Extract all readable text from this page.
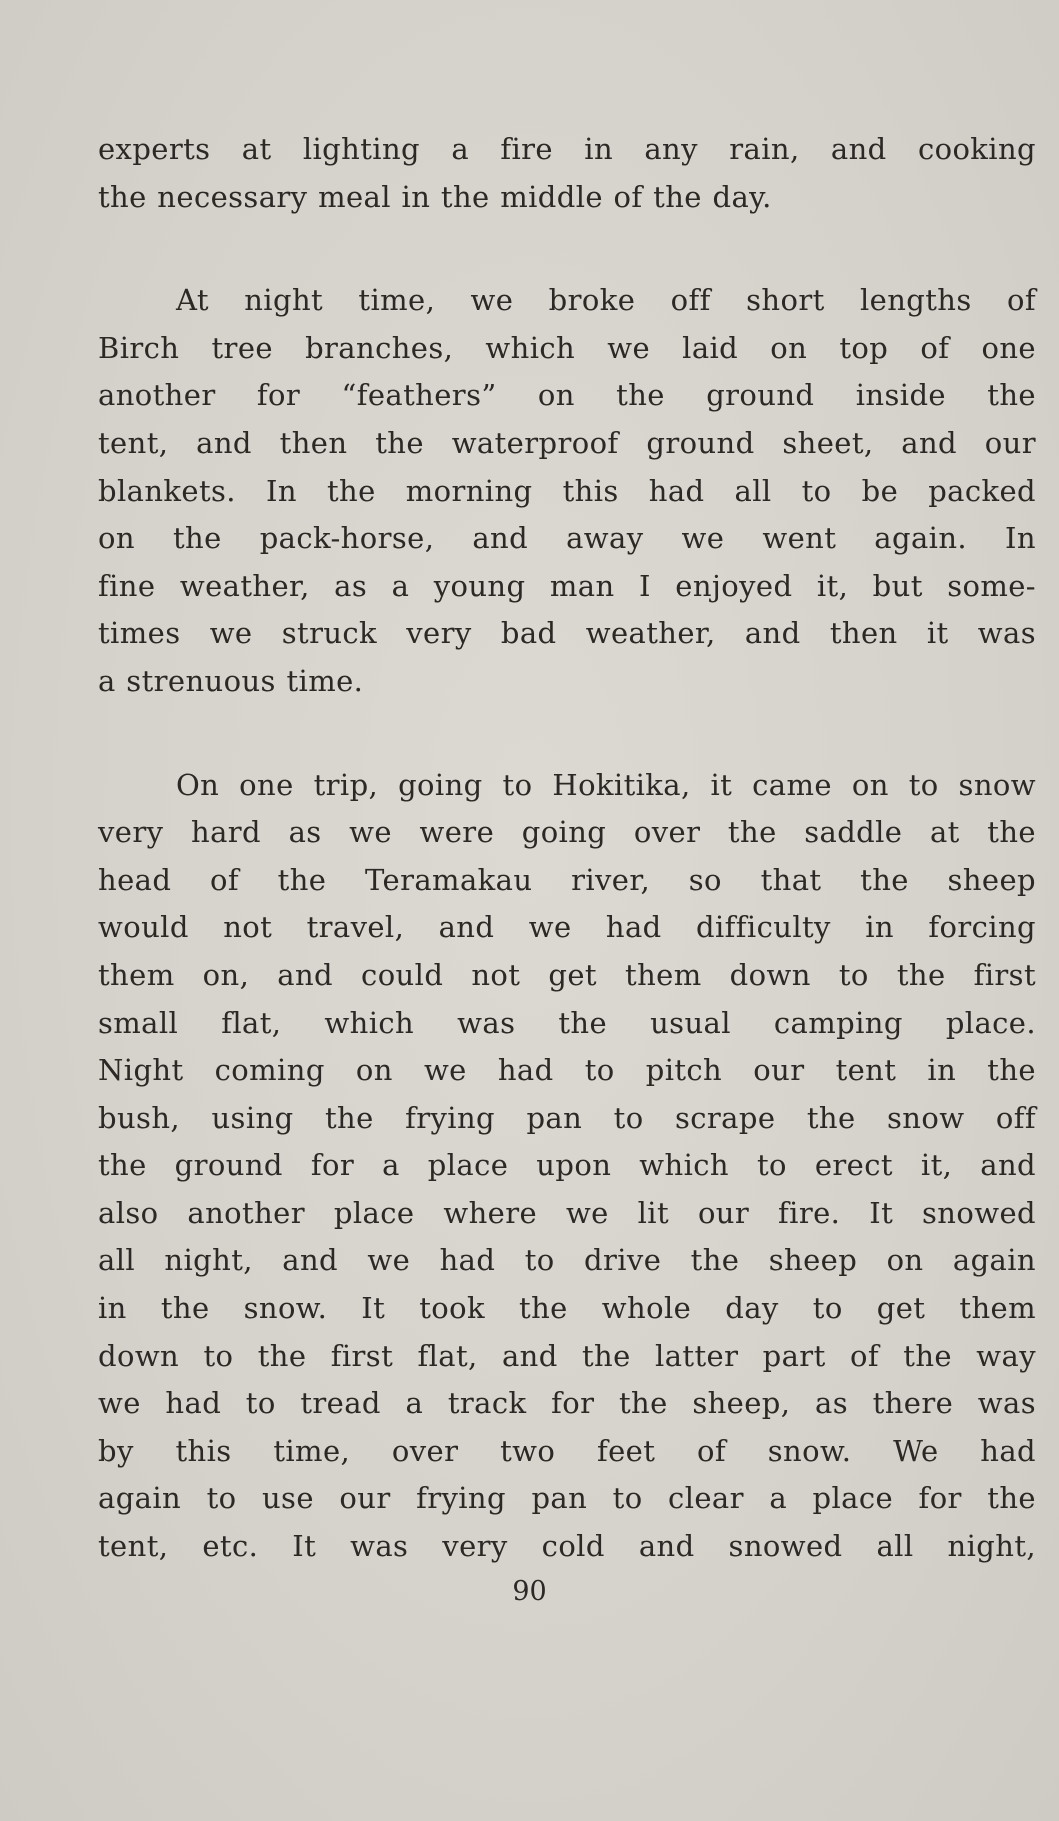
experts at lighting a fire in any rain, and cooking
the necessary meal in the middle of the day.
At night time, we broke off short lengths of
Birch tree branches, which we laid on top of one
another for “feathers” on the ground inside the
tent, and then the waterproof ground sheet, and our
blankets. In the morning this had all to be packed
on the pack-horse, and away we went again. In
fine weather, as a young man I enjoyed it, but some-
times we struck very bad weather, and then it was
a strenuous time.
On one trip, going to Hokitika, it came on to snow
very hard as we were going over the saddle at the
head of the Teramakau river, so that the sheep
would not travel, and we had difficulty in forcing
them on, and could not get them down to the first
small flat, which was the usual camping place.
Night coming on we had to pitch our tent in the
bush, using the frying pan to scrape the snow off
the ground for a place upon which to erect it, and
also another place where we lit our fire. It snowed
all night, and we had to drive the sheep on again
in the snow. It took the whole day to get them
down to the first flat, and the latter part of the way
we had to tread a track for the sheep, as there was
by this time, over two feet of snow. We had
again to use our frying pan to clear a place for the
tent, etc. It was very cold and snowed all night,
90
